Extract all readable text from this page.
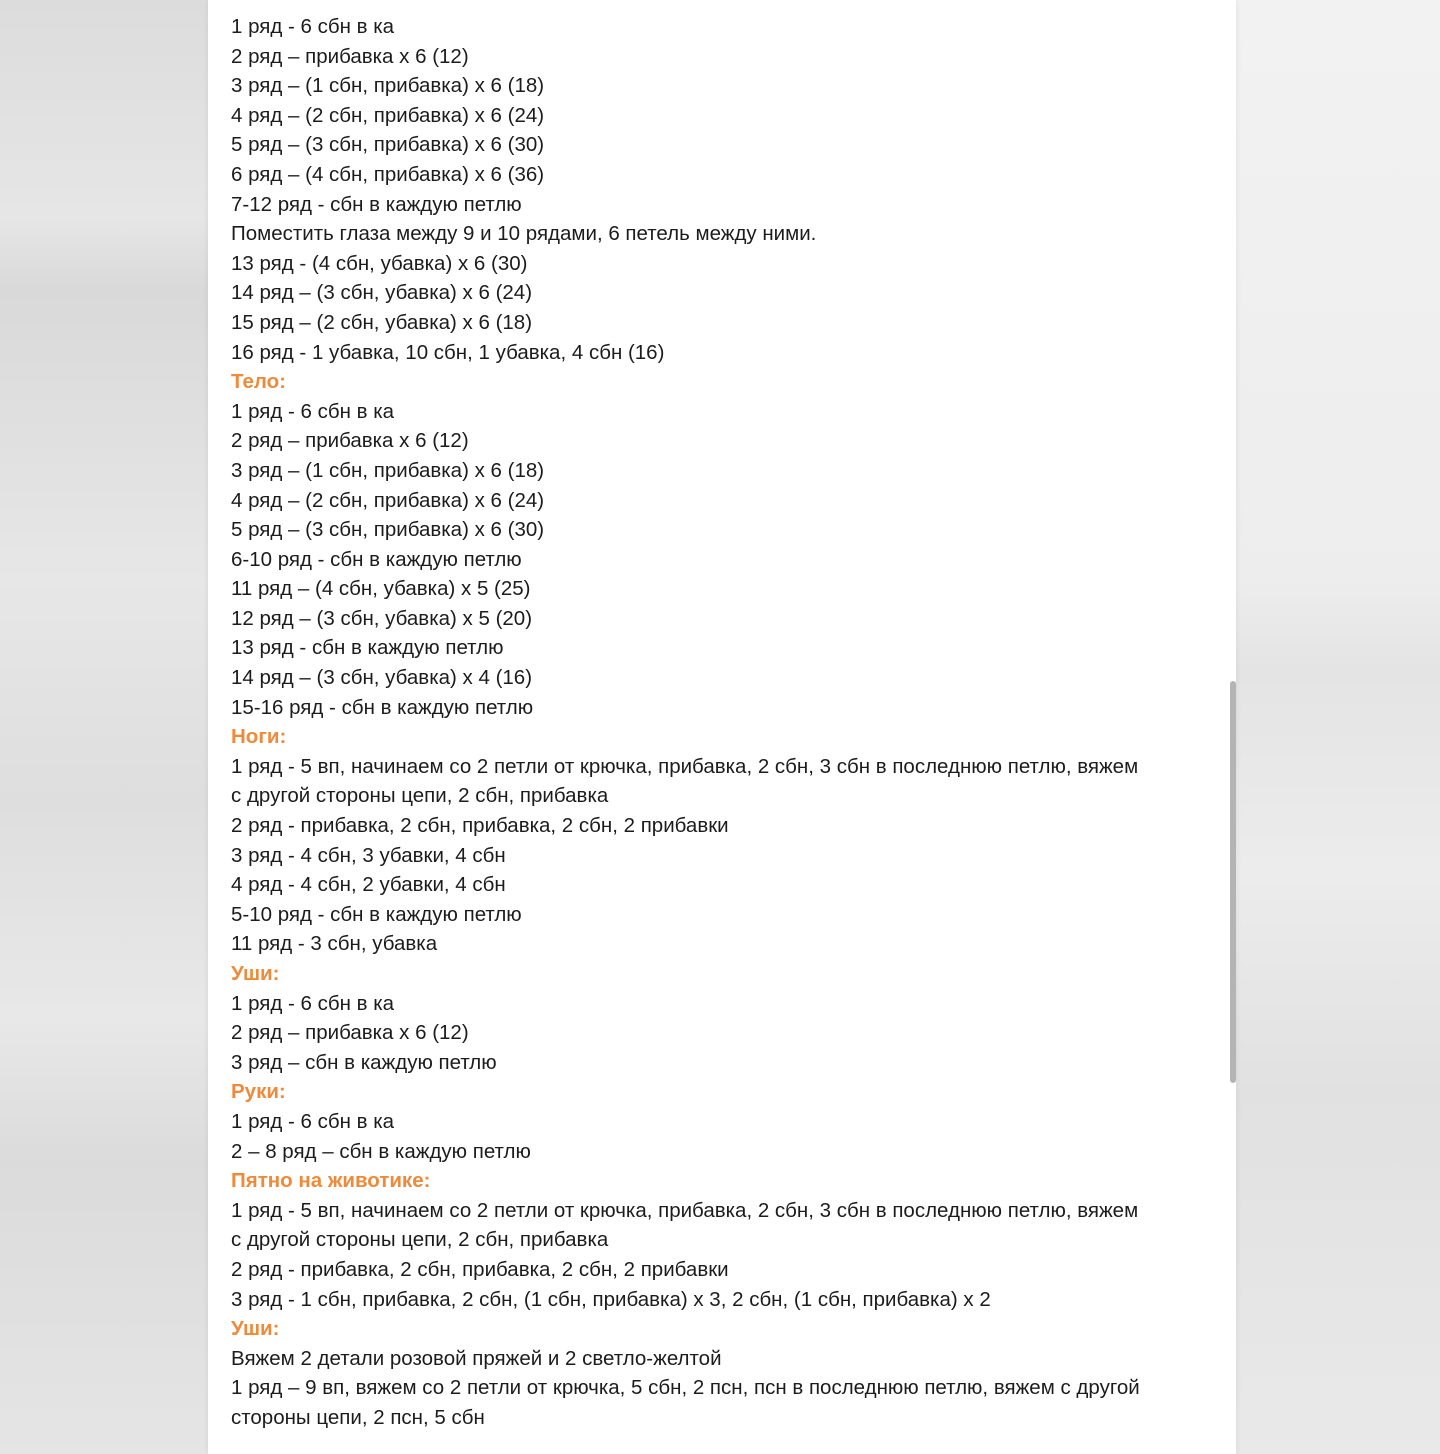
1 ряд - 6 сбн в ка

2 ряд – прибавка х 6 (12)

3 ряд – (1 сбн, прибавка) х 6 (18)

4 ряд – (2 сбн, прибавка) х 6 (24)

5 ряд – (3 сбн, прибавка) х 6 (30)

6 ряд – (4 сбн, прибавка) х 6 (36)

7-12 ряд - сбн в каждую петлю

Поместить глаза между 9 и 10 рядами, 6 петель между ними.

13 ряд - (4 сбн, убавка) х 6 (30)

14 ряд – (3 сбн, убавка) х 6 (24)

15 ряд – (2 сбн, убавка) х 6 (18)

16 ряд - 1 убавка, 10 сбн, 1 убавка, 4 сбн (16)

Тело:

1 ряд - 6 сбн в ка

2 ряд – прибавка х 6 (12)

3 ряд – (1 сбн, прибавка) х 6 (18)

4 ряд – (2 сбн, прибавка) х 6 (24)

5 ряд – (3 сбн, прибавка) х 6 (30)

6-10 ряд - сбн в каждую петлю

11 ряд – (4 сбн, убавка) х 5 (25)

12 ряд – (3 сбн, убавка) х 5 (20)

13 ряд - сбн в каждую петлю

14 ряд – (3 сбн, убавка) х 4 (16)

15-16 ряд - сбн в каждую петлю

Ноги:

1 ряд - 5 вп, начинаем со 2 петли от крючка, прибавка, 2 сбн, 3 сбн в последнюю петлю, вяжем

с другой стороны цепи, 2 сбн, прибавка

2 ряд - прибавка, 2 сбн, прибавка, 2 сбн, 2 прибавки

3 ряд - 4 сбн, 3 убавки, 4 сбн

4 ряд - 4 сбн, 2 убавки, 4 сбн

5-10 ряд - сбн в каждую петлю

11 ряд - 3 сбн, убавка

Уши:

1 ряд - 6 сбн в ка

2 ряд – прибавка х 6 (12)

3 ряд – сбн в каждую петлю

Руки:

1 ряд - 6 сбн в ка

2 – 8 ряд – сбн в каждую петлю

Пятно на животике:

1 ряд - 5 вп, начинаем со 2 петли от крючка, прибавка, 2 сбн, 3 сбн в последнюю петлю, вяжем

с другой стороны цепи, 2 сбн, прибавка

2 ряд - прибавка, 2 сбн, прибавка, 2 сбн, 2 прибавки

3 ряд - 1 сбн, прибавка, 2 сбн, (1 сбн, прибавка) х 3, 2 сбн, (1 сбн, прибавка) х 2

Уши:

Вяжем 2 детали розовой пряжей и 2 светло-желтой

1 ряд – 9 вп, вяжем со 2 петли от крючка, 5 сбн, 2 псн, псн в последнюю петлю, вяжем с другой

стороны цепи, 2 псн, 5 сбн
